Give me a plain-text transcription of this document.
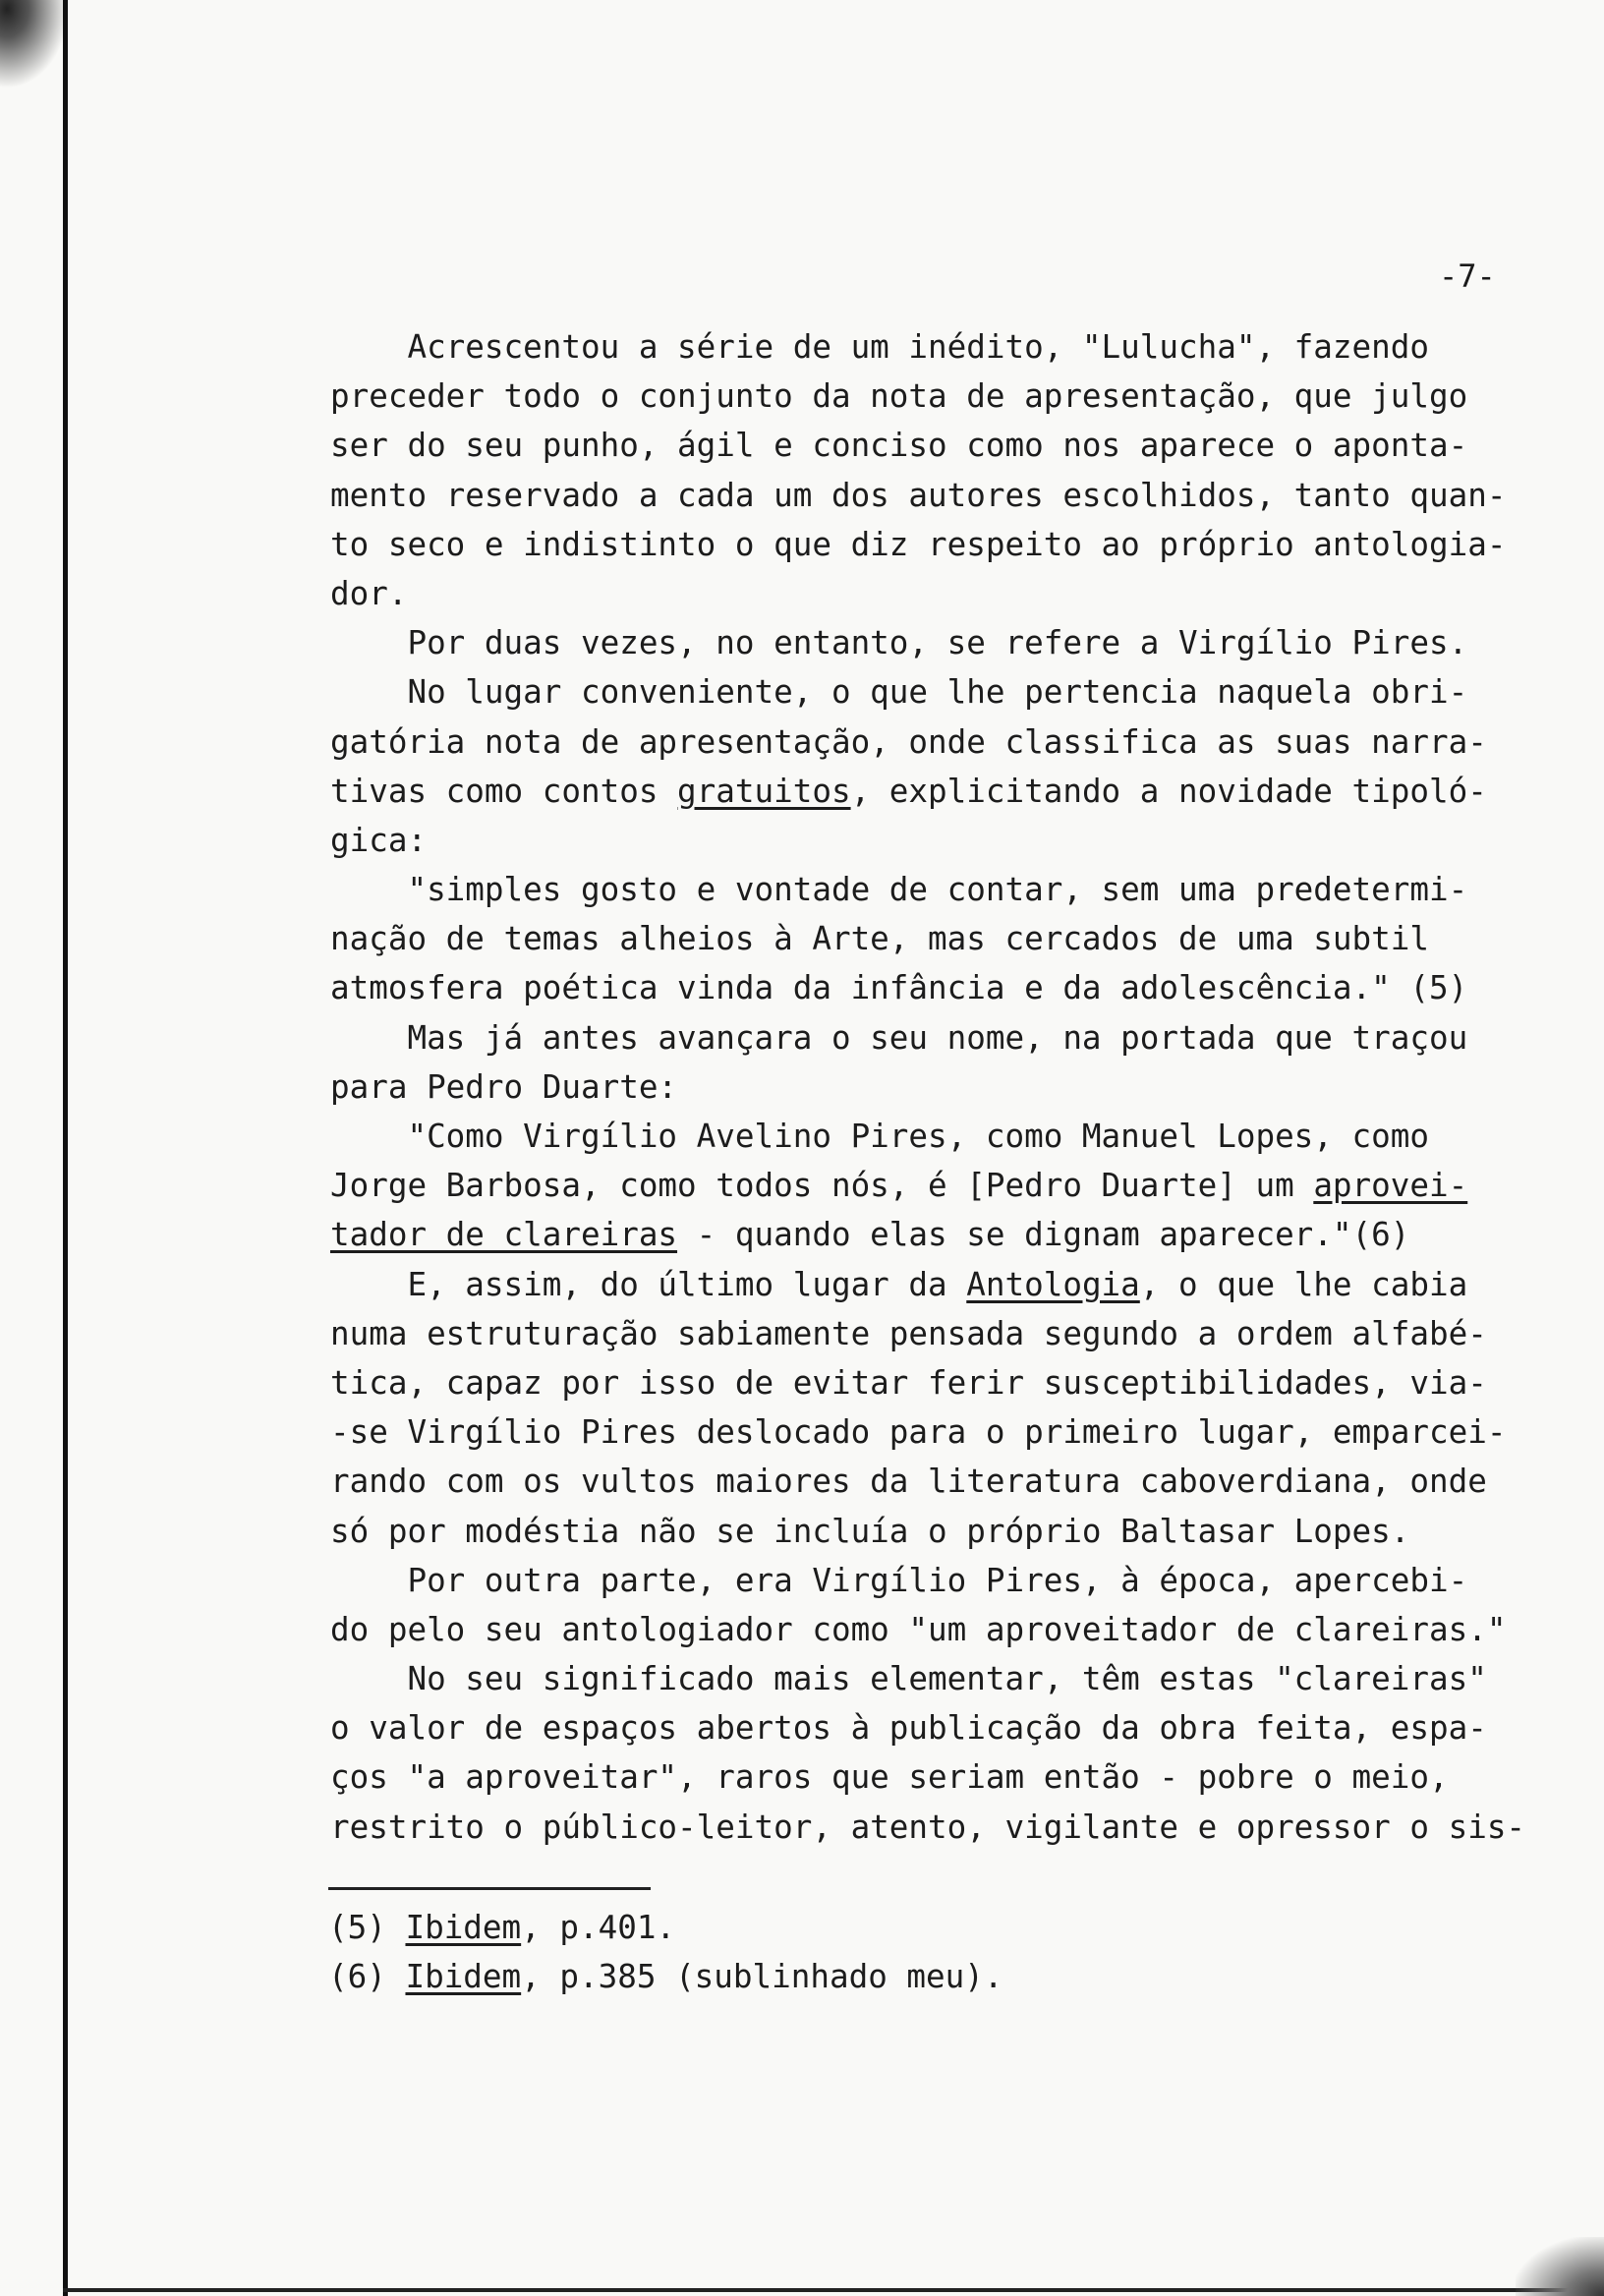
-7-
Acrescentou a série de um inédito, "Lulucha", fazendo
preceder todo o conjunto da nota de apresentação, que julgo
ser do seu punho, ágil e conciso como nos aparece o aponta-
mento reservado a cada um dos autores escolhidos, tanto quan-
to seco e indistinto o que diz respeito ao próprio antologia-
dor.
Por duas vezes, no entanto, se refere a Virgílio Pires.
No lugar conveniente, o que lhe pertencia naquela obri-
gatória nota de apresentação, onde classifica as suas narra-
tivas como contos gratuitos, explicitando a novidade tipoló-
gica:
"simples gosto e vontade de contar, sem uma predetermi-
nação de temas alheios à Arte, mas cercados de uma subtil
atmosfera poética vinda da infância e da adolescência." (5)
Mas já antes avançara o seu nome, na portada que traçou
para Pedro Duarte:
"Como Virgílio Avelino Pires, como Manuel Lopes, como
Jorge Barbosa, como todos nós, é [Pedro Duarte] um aprovei-
tador de clareiras - quando elas se dignam aparecer."(6)
E, assim, do último lugar da Antologia, o que lhe cabia
numa estruturação sabiamente pensada segundo a ordem alfabé-
tica, capaz por isso de evitar ferir susceptibilidades, via-
-se Virgílio Pires deslocado para o primeiro lugar, emparcei-
rando com os vultos maiores da literatura caboverdiana, onde
só por modéstia não se incluía o próprio Baltasar Lopes.
Por outra parte, era Virgílio Pires, à época, apercebi-
do pelo seu antologiador como "um aproveitador de clareiras."
No seu significado mais elementar, têm estas "clareiras"
o valor de espaços abertos à publicação da obra feita, espa-
ços "a aproveitar", raros que seriam então - pobre o meio,
restrito o público-leitor, atento, vigilante e opressor o sis-
(5) Ibidem, p.401.
(6) Ibidem, p.385 (sublinhado meu).
